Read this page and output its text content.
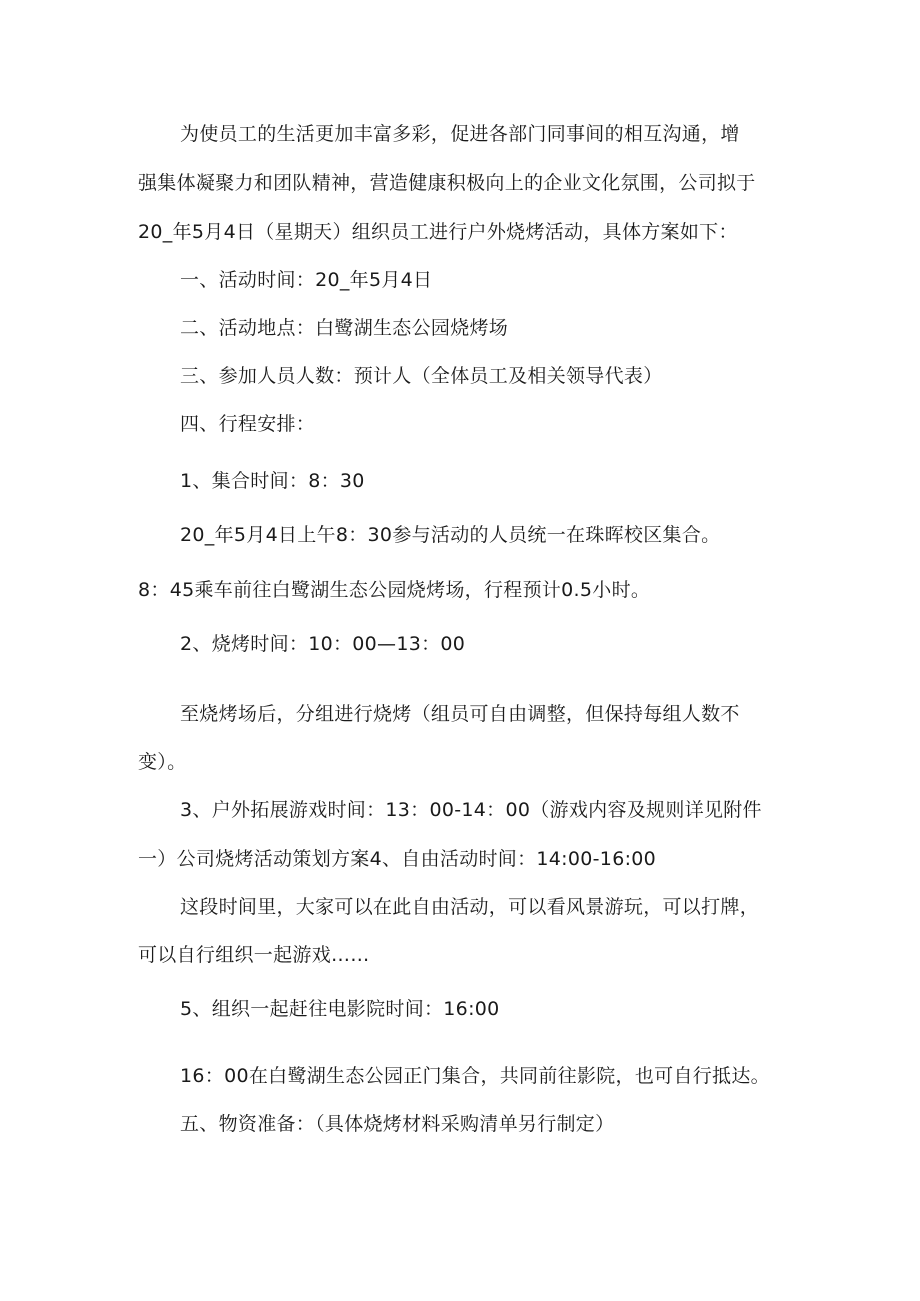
为使员工的生活更加丰富多彩，促进各部门同事间的相互沟通，增
强集体凝聚力和团队精神，营造健康积极向上的企业文化氛围，公司拟于
20_年5月4日（星期天）组织员工进行户外烧烤活动，具体方案如下：
一、活动时间：20_年5月4日
二、活动地点：白鹭湖生态公园烧烤场
三、参加人员人数：预计人（全体员工及相关领导代表）
四、行程安排：
1、集合时间：8：30
20_年5月4日上午8：30参与活动的人员统一在珠晖校区集合。
8：45乘车前往白鹭湖生态公园烧烤场，行程预计0.5小时。
2、烧烤时间：10：00—13：00
至烧烤场后，分组进行烧烤（组员可自由调整，但保持每组人数不
变）。
3、户外拓展游戏时间：13：00-14：00（游戏内容及规则详见附件
一）公司烧烤活动策划方案4、自由活动时间：14:00-16:00
这段时间里，大家可以在此自由活动，可以看风景游玩，可以打牌，
可以自行组织一起游戏……
5、组织一起赶往电影院时间：16:00
16：00在白鹭湖生态公园正门集合，共同前往影院，也可自行抵达。
五、物资准备：（具体烧烤材料采购清单另行制定）
